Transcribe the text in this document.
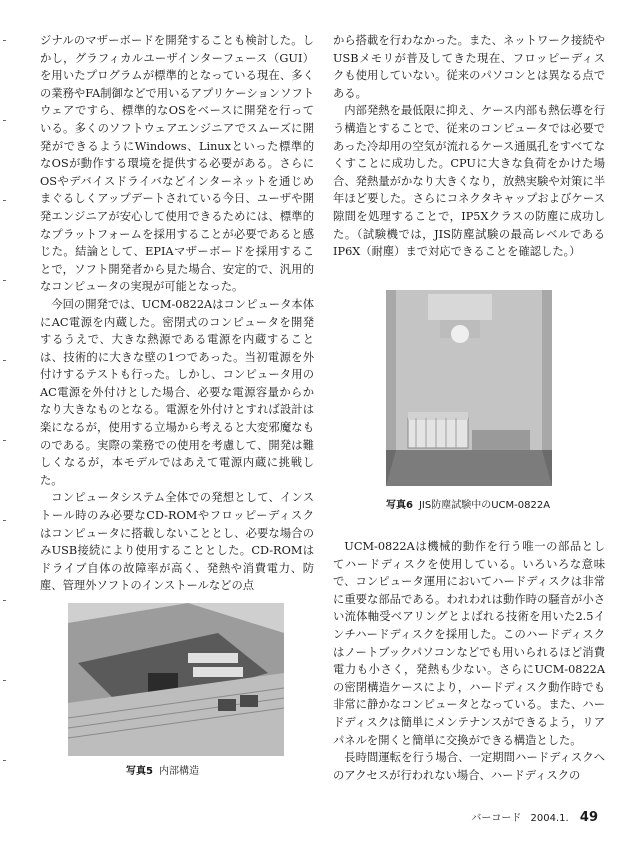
ジナルのマザーボードを開発することも検討した。しかし，グラフィカルユーザインターフェース（GUI）を用いたプログラムが標準的となっている現在、多くの業務やFA制御などで用いるアプリケーションソフトウェアですら、標準的なOSをベースに開発を行っている。多くのソフトウェアエンジニアでスムーズに開発ができるようにWindows、Linuxといった標準的なOSが動作する環境を提供する必要がある。さらにOSやデバイスドライバなどインターネットを通じめまぐるしくアップデートされている今日、ユーザや開発エンジニアが安心して使用できるためには、標準的なプラットフォームを採用することが必要であると感じた。結論として、EPIAマザーボードを採用することで，ソフト開発者から見た場合、安定的で、汎用的なコンピュータの実現が可能となった。

今回の開発では、UCM-0822Aはコンピュータ本体にAC電源を内蔵した。密閉式のコンピュータを開発するうえで、大きな熱源である電源を内蔵することは、技術的に大きな壁の1つであった。当初電源を外付けするテストも行った。しかし、コンピュータ用のAC電源を外付けとした場合、必要な電源容量からかなり大きなものとなる。電源を外付けとすれば設計は楽になるが，使用する立場から考えると大変邪魔なものである。実際の業務での使用を考慮して、開発は難しくなるが，本モデルではあえて電源内蔵に挑戦した。

コンピュータシステム全体での発想として、インストール時のみ必要なCD-ROMやフロッピーディスクはコンピュータに搭載しないこととし、必要な場合のみUSB接続により使用することとした。CD-ROMはドライブ自体の故障率が高く、発熱や消費電力、防塵、管理外ソフトのインストールなどの点

から搭載を行わなかった。また、ネットワーク接続やUSBメモリが普及してきた現在、フロッピーディスクも使用していない。従来のパソコンとは異なる点である。

内部発熱を最低限に抑え、ケース内部も熱伝導を行う構造とすることで、従来のコンピュータでは必要であった冷却用の空気が流れるケース通風孔をすべてなくすことに成功した。CPUに大きな負荷をかけた場合、発熱量がかなり大きくなり，放熱実験や対策に半年ほど要した。さらにコネクタキャップおよびケース隙間を処理することで，IP5Xクラスの防塵に成功した。（試験機では，JIS防塵試験の最高レベルであるIP6X（耐塵）まで対応できることを確認した。）

写真6 JIS防塵試験中のUCM-0822A

UCM-0822Aは機械的動作を行う唯一の部品としてハードディスクを使用している。いろいろな意味で、コンピュータ運用においてハードディスクは非常に重要な部品である。われわれは動作時の騒音が小さい流体軸受ベアリングとよばれる技術を用いた2.5インチハードディスクを採用した。このハードディスクはノートブックパソコンなどでも用いられるほど消費電力も小さく，発熱も少ない。さらにUCM-0822Aの密閉構造ケースにより，ハードディスク動作時でも非常に静かなコンピュータとなっている。また、ハードディスクは簡単にメンテナンスができるよう，リアパネルを開くと簡単に交換ができる構造とした。

長時間運転を行う場合、一定期間ハードディスクへのアクセスが行われない場合、ハードディスクの

写真5 内部構造
バーコード 2004.1. 49
